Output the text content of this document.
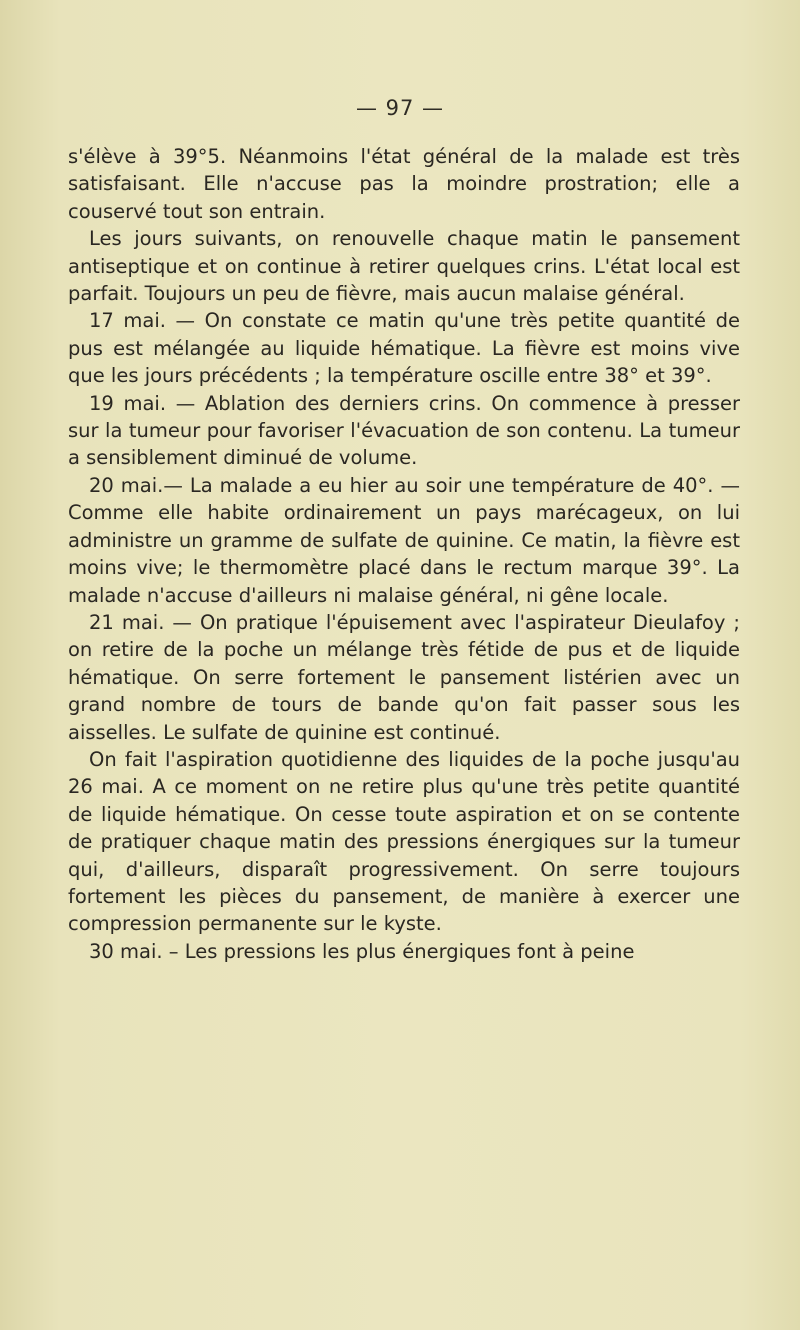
— 97 —

s'élève à 39°5. Néanmoins l'état général de la malade est très satisfaisant. Elle n'accuse pas la moindre prostration; elle a couservé tout son entrain.

Les jours suivants, on renouvelle chaque matin le pansement antiseptique et on continue à retirer quelques crins. L'état local est parfait. Toujours un peu de fièvre, mais aucun malaise général.

17 mai. — On constate ce matin qu'une très petite quantité de pus est mélangée au liquide hématique. La fièvre est moins vive que les jours précédents ; la température oscille entre 38° et 39°.

19 mai. — Ablation des derniers crins. On commence à presser sur la tumeur pour favoriser l'évacuation de son contenu. La tumeur a sensiblement diminué de volume.

20 mai.— La malade a eu hier au soir une température de 40°. — Comme elle habite ordinairement un pays marécageux, on lui administre un gramme de sulfate de quinine. Ce matin, la fièvre est moins vive; le thermomètre placé dans le rectum marque 39°. La malade n'accuse d'ailleurs ni malaise général, ni gêne locale.

21 mai. — On pratique l'épuisement avec l'aspirateur Dieulafoy ; on retire de la poche un mélange très fétide de pus et de liquide hématique. On serre fortement le pansement listérien avec un grand nombre de tours de bande qu'on fait passer sous les aisselles. Le sulfate de quinine est continué.

On fait l'aspiration quotidienne des liquides de la poche jusqu'au 26 mai. A ce moment on ne retire plus qu'une très petite quantité de liquide hématique. On cesse toute aspiration et on se contente de pratiquer chaque matin des pressions énergiques sur la tumeur qui, d'ailleurs, disparaît progressivement. On serre toujours fortement les pièces du pansement, de manière à exercer une compression permanente sur le kyste.

30 mai. – Les pressions les plus énergiques font à peine
